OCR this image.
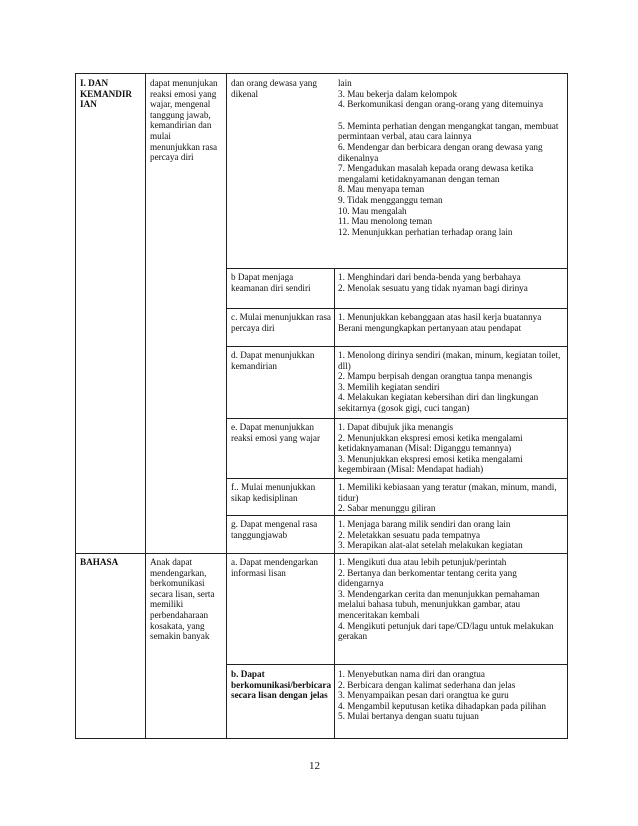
I. DAN KEMANDIR IAN

dapat menunjukan reaksi emosi yang wajar, mengenal tanggung jawab, kemandirian dan mulai menunjukkan rasa percaya diri

dan orang dewasa yang dikenal

lain

3. Mau bekerja dalam kelompok

4. Berkomunikasi dengan orang-orang yang ditemuinya

5. Meminta perhatian dengan mengangkat tangan, membuat permintaan verbal, atau cara lainnya

6. Mendengar dan berbicara dengan orang dewasa yang dikenalnya

7. Mengadukan masalah kepada orang dewasa ketika mengalami ketidaknyamanan dengan teman

8. Mau menyapa teman

9. Tidak mengganggu teman

10. Mau mengalah

11. Mau menolong teman

12. Menunjukkan perhatian terhadap orang lain

b Dapat menjaga keamanan diri sendiri

1. Menghindari dari benda-benda yang berbahaya

2. Menolak sesuatu yang tidak nyaman bagi dirinya

c. Mulai menunjukkan rasa percaya diri

1. Menunjukkan kebanggaan atas hasil kerja buatannya

Berani mengungkapkan pertanyaan atau pendapat

d. Dapat menunjukkan kemandirian

1. Menolong dirinya sendiri (makan, minum, kegiatan toilet, dll)

2. Mampu berpisah dengan orangtua tanpa menangis

3. Memilih kegiatan sendiri

4. Melakukan kegiatan kebersihan diri dan lingkungan sekitarnya (gosok gigi, cuci tangan)

e. Dapat menunjukkan reaksi emosi yang wajar

1. Dapat dibujuk jika menangis

2. Menunjukkan ekspresi emosi ketika mengalami ketidaknyamanan (Misal: Diganggu temannya)

3. Menunjukkan ekspresi emosi ketika mengalami kegembiraan (Misal: Mendapat hadiah)

f.. Mulai menunjukkan sikap kedisiplinan

1. Memiliki kebiasaan yang teratur (makan, minum, mandi, tidur)

2. Sabar menunggu giliran

g. Dapat mengenal rasa tanggungjawab

1. Menjaga barang milik sendiri dan orang lain

2. Meletakkan sesuatu pada tempatnya

3. Merapikan alat-alat setelah melakukan kegiatan

BAHASA	Anak dapat mendengarkan, berkomunikasi secara lisan, serta memiliki perbendaharaan kosakata, yang semakin banyak

a. Dapat mendengarkan informasi lisan

1. Mengikuti dua atau lebih petunjuk/perintah

2. Bertanya dan berkomentar tentang cerita yang didengarnya

3. Mendengarkan cerita dan menunjukkan pemahaman melalui bahasa tubuh, menunjukkan gambar, atau menceritakan kembali

4. Mengikuti petunjuk dari tape/CD/lagu untuk melakukan gerakan

b. Dapat berkomunikasi/berbicara secara lisan dengan jelas

1. Menyebutkan nama diri dan orangtua

2. Berbicara dengan kalimat sederhana dan jelas

3. Menyampaikan pesan dari orangtua ke guru

4. Mengambil keputusan ketika dihadapkan pada pilihan

5. Mulai bertanya dengan suatu tujuan

12
